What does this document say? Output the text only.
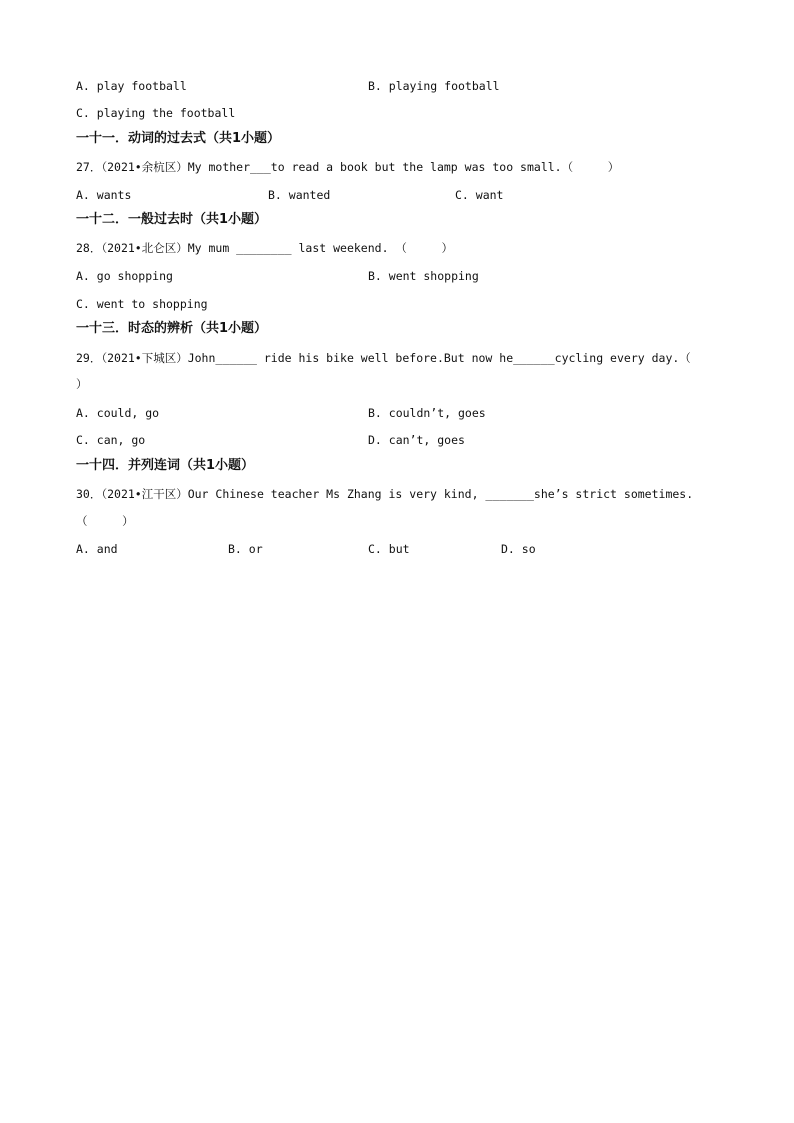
A. play football	B. playing football
C. playing the football
一十一．动词的过去式（共1小题）
27．（2021•余杭区）My mother___to read a book but the lamp was too small.（     ）
A. wants	B. wanted	C. want
一十二．一般过去时（共1小题）
28．（2021•北仑区）My mum ________ last weekend. （     ）
A. go shopping	B. went shopping
C. went to shopping
一十三．时态的辨析（共1小题）
29．（2021•下城区）John______ ride his bike well before.But now he______cycling every day.（
）
A. could, go	B. couldn’t, goes
C. can, go	D. can’t, goes
一十四．并列连词（共1小题）
30．（2021•江干区）Our Chinese teacher Ms Zhang is very kind, _______she’s strict sometimes.
（     ）
A. and	B. or	C. but	D. so
